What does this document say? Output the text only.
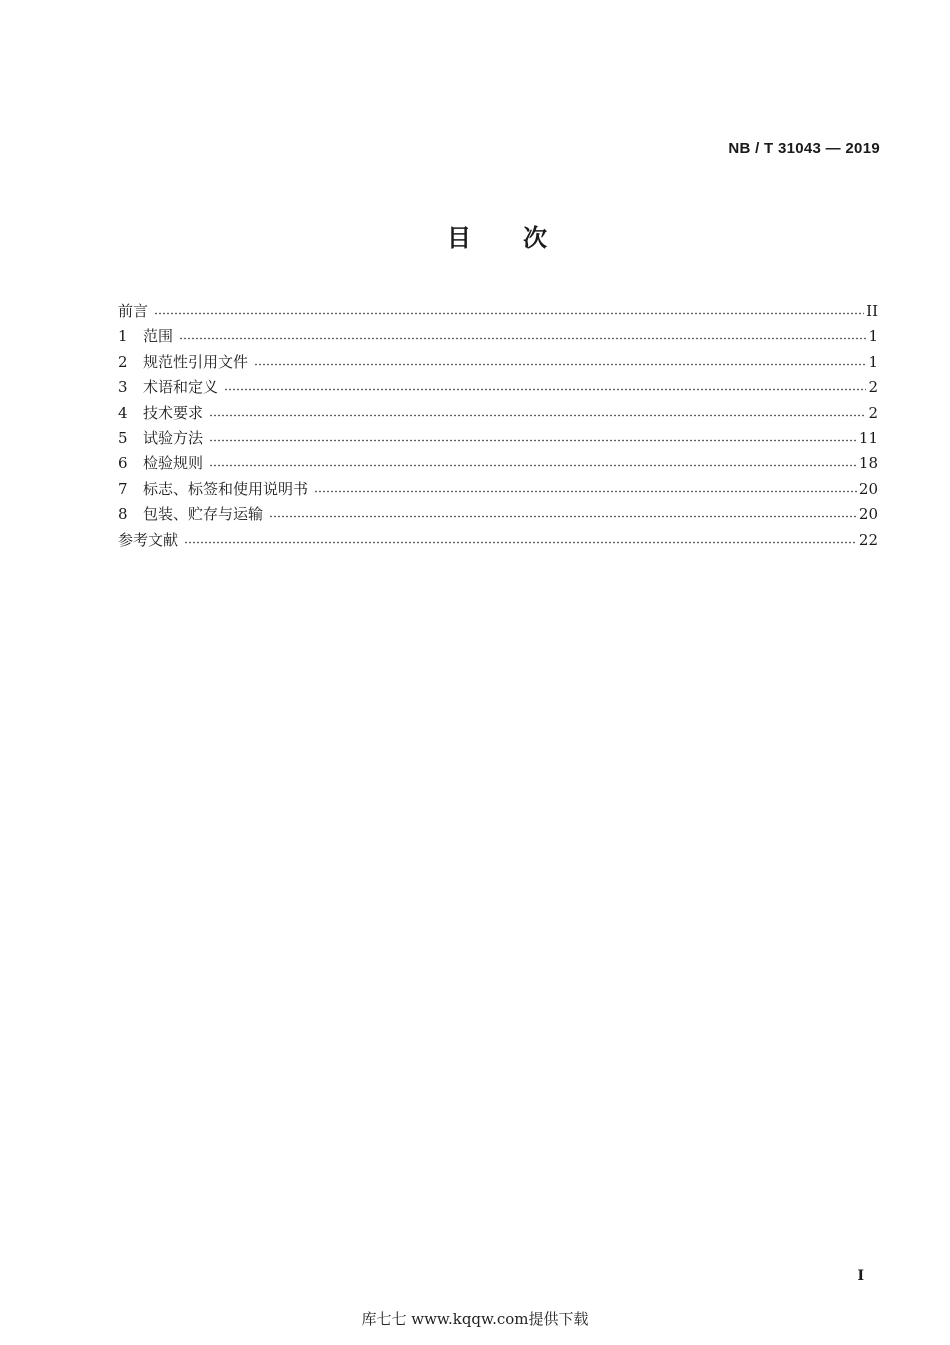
NB / T 31043 — 2019
目 次
前言	II
1	范围	1
2	规范性引用文件	1
3	术语和定义	2
4	技术要求	2
5	试验方法	11
6	检验规则	18
7	标志、标签和使用说明书	20
8	包装、贮存与运输	20
参考文献	22
I
库七七 www.kqqw.com提供下载
